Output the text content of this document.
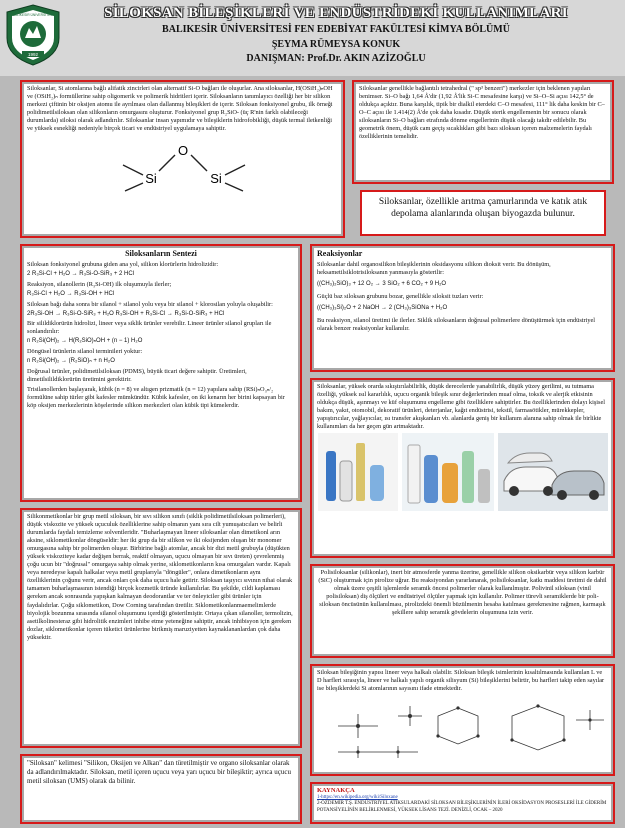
1992
BALIKESİR ÜNİVERSİTESİ	SİLOKSAN BİLEŞİKLERİ VE ENDÜSTRİDEKİ KULLANIMLARI
BALIKESİR ÜNİVERSİTESİ FEN EDEBİYAT FAKÜLTESİ KİMYA BÖLÜMÜ
ŞEYMA RÜMEYSA KONUK
DANIŞMAN: Prof.Dr. AKIN AZİZOĞLU

Siloksanlar, Si atomlarına bağlı alifatik zincirleri olan alternatif Si-O bağları ile oluşurlar. Ana siloksanlar, H(OSiH₂)ₙOH ve (OSiH₂)ₙ formüllerine sahip oligomerik ve polimerik hidritleri içerir. Siloksanların tanımlayıcı özelliği her bir silikon merkezi çiftinin bir oksijen atomu ile ayrılması olan dallanmış bileşikleri de içerir. Siloksan fonksiyonel grubu, ilk örneği polidimetilsiloksan olan silikonların omurgasını oluşturur. Fonksiyonel grup R₂SiO- (üç R'nin farklı olabileceği durumlarda) siloksi olarak adlandırılır. Siloksanlar insan yapımıdır ve bileşiklerin hidrofobikliği, düşük termal iletkenliği ve yüksek esnekliği nedeniyle birçok ticari ve endüstriyel uygulamaya sahiptir.

Si
O
Si

Siloksanlar genellikle bağlantılı tetrahedral (" sp³ benzeri") merkezler için beklenen yapıları benimser. Si–O bağı 1,64 Å'dir (1,92 Å'lik Si-C mesafesine karşı) ve Si–O–Si açısı 142,5° de oldukça açıktır. Buna karşılık, tipik bir dialkil eterdeki C–O mesafesi, 111° lik daha keskin bir C–O–C açısı ile 1.414(2) Å'de çok daha kısadır. Düşük sterik engellemenin bir sonucu olarak siloksanların Si–O bağları etrafında dönme engellerinin düşük olacağı takdir edilebilir. Bu geometrik önem, düşük cam geçiş sıcaklıkları gibi bazı siloksan içeren malzemelerin faydalı özelliklerinin temelidir.

Siloksanlar, özellikle arıtma çamurlarında ve katık atık depolama alanlarında oluşan biyogazda bulunur.
Siloksanların Sentezi

Siloksan fonksiyonel grubuna giden ana yol, silikon klorürlerin hidrolizidir:

2 R₃Si-Cl + H₂O → R₃Si-O-SiR₃ + 2 HCl

Reaksiyon, silanollerin (R₃Si-OH) ilk oluşumuyla ilerler;

R₃Si-Cl + H₂O → R₃Si-OH + HCl

Siloksan bağı daha sonra bir silanol + silanol yolu veya bir silanol + klorosilan yoluyla oluşabilir:

2R₃Si-OH → R₃Si-O-SiR₃ + H₂O R₃Si-OH + R₃Si-Cl → R₃Si-O-SiR₃ + HCl

Bir silildiklorürün hidrolizi, lineer veya siklik ürünler verebilir. Lineer ürünler silanol grupları ile sonlandırılır:

n R₂Si(OH)₂ → H(R₂SiO)ₙOH + (n − 1) H₂O

Döngüsel ürünlerin silanol terminileri yoktur:

n R₂Si(OH)₂ → (R₂SiO)ₙ + n H₂O

Doğrusal ürünler, polidimetilsiloksan (PDMS), büyük ticari değere sahiptir. Üretimleri, dimetilsilildiklorürün üretimini gerektirir.

Trisilanollerden başlayarak, kübik (n = 8) ve altıgen prizmatik (n = 12) yapılara sahip (RSi)ₙO₃ₙ/₂ formülüne sahip türler gibi kafesler mümkündür. Kübik kafesler, on iki kenarın her birini kapsayan bir köp oksijen merkezlerinin köşelerinde silikon merkezleri olan kübik tipi kümelerdir.

Reaksiyonlar

Siloksanlar dahil organosilikon bileşiklerinin oksidasyonu silikon dioksit verir. Bu dönüşüm, heksametilsiklotrisiloksanın yanmasıyla gösterilir:

((CH₃)₂SiO)₃ + 12 O₂ → 3 SiO₂ + 6 CO₂ + 9 H₂O

Güçlü baz siloksan grubunu bozar, genellikle siloksit tuzları verir:

((CH₃)₃Si)₂O + 2 NaOH → 2 (CH₃)₃SiONa + H₂O

Bu reaksiyon, silanol üretimi ile ilerler. Siklik siloksanların doğrusal polimerlere dönüştürmek için endüstriyel olarak benzer reaksiyonlar kullanılır.

Siloksanlar, yüksek orarda sıkıştırılabilirlik, düşük derecelerde yanabilirlik, düşük yüzey gerilimi, su tutmama özelliği, yüksek ısıl kararlılık, uçucu organik bileşik sınır değerlerinden muaf olma, toksik ve alerjik etkisinin oldukça düşük, aşınmayı ve küf oluşumunu engelleme gibi özelliklere sahiptirler. Bu özelliklerinden dolayı kişisel bakım, yakıt, otomobil, dekoratif ürünleri, deterjanlar, kağıt endüstrisi, tekstil, farmasötikler, mürekkepler, yapıştırıcılar, yağlayıcılar, ısı transfer akışkanları vb. alanlarda geniş bir kullanım alanına sahip olmak ile birlikte kullanımları da her geçen gün artmaktadır.

Silikonmetikonlar bir grup metil siloksan, bir sıvı silikon sınıfı (siklik polidimetilsiloksan polimerleri), düşük viskozite ve yüksek uçuculuk özelliklerine sahip olmanın yanı sıra cilt yumuşatıcıları ve belirli durumlarda faydalı temizleme solventleridir. "Buharlaşmayan lineer siloksanlar olan dimetikonl arın aksine, siklometikonlar döngüseldir: her iki grup da bir silikon ve iki oksijenden oluşan bir monomer omurgasına sahip bir polimerden oluşur. Birbirine bağlı atomlar, ancak bir dizi metil grubuyla (düşükten yüksek viskoziteye kadar değişen berrak, reaktif olmayan, uçucu olmayan bir sıvı üreten) çevrelenmiş çoğu ucun bir "doğrusal" omurgaya sahip olmak yerine, siklometikonların kısa omurgaları vardır. Kapalı veya neredeyse kapalı halkalar veya metil gruplarıyla "döngüler", onlara dimetikonların aynı özelliklerinin çoğunu verir, ancak onları çok daha uçucu hale getirir. Siloksan taşıyıcı sıvının nihai olarak tamamen buharlaşmasının istendiği birçok kozmetik üründe kullanılırlar. Bu şekilde, cildi kaplaması gereken ancak sonrasında yapışkan kalmayan deodorantlar ve ter önleyiciler gibi ürünler için faydalıdırlar. Çoğu siklometikon, Dow Corning tarafından üretilir. Siklometikonlanmaemelimlerde biyolojik bozunma sırasında silanol oluşumunu içerdiği gösterilmiştir. Ortaya çıkan silanoller, termolizin, asetilkolinesteraz gibi hidrolitik enzimleri inhibe etme yeteneğine sahiptir, ancak inhibisyon için gereken dozlar, siklometikonlar içeren tüketici ürünlerine birikmiş maruziyetten kaynaklananlardan çok daha yüksektir.

Polisiloksanlar (silikonlar), inert bir atmosferde yanma üzerine, genellikle silikon oksikarbür veya silikon karbür (SiC) oluşturmak için pirolize uğrar. Bu reaksiyondan yararlanarak, polisiloksanlar, katkı maddesi üretimi de dahil olmak üzere çeşitli işlemlerde seramik öncesi polimerler olarak kullanılmıştır. Polivinil siloksan (vinil polisiloksan) diş ölçüleri ve endüstriyel ölçüler yapmak için kullanılır. Polimer türevli seramiklerde bir poli-siloksan öncüsünün kullanılması, pirolizdeki önemli büzülmenin hesaba katılması gerekmesine rağmen, karmaşık şekillere sahip seramik gövdelerin oluşumuna izin verir.

Siloksan bileşiğinin yapısı lineer veya halkalı olabilir. Siloksan bileşik isimlerinin kısaltılmasında kullanılan L ve D harfleri sırasıyla, lineer ve halkalı yapılı organik silisyum (Si) bileşiklerini belirtir, bu harfleri takip eden sayılar ise bileşiklerdeki Si atomlarının sayısını ifade etmektedir.

"Siloksan" kelimesi "Silikon, Oksijen ve Alkan" dan türetilmiştir ve organo siloksanlar olarak da adlandırılmaktadır. Siloksan, metil içeren uçucu veya yarı uçucu bir bileşiktir; ayrıca uçucu metil siloksan (UMS) olarak da bilinir.

KAYNAKÇA
1-https://en.wikipedia.org/wiki/Siloxane
2-ÖZDEMİR T.Ş. ENDÜSTRİYEL ATIKSULARDAKİ SİLOKSAN BİLEŞİKLERİNİN İLERİ OKSİDASYON PROSESLERİ İLE GİDERİM POTANSİYELİNİN BELİRLENMESİ, YÜKSEK LİSANS TEZİ. DENİZLİ, OCAK – 2020
